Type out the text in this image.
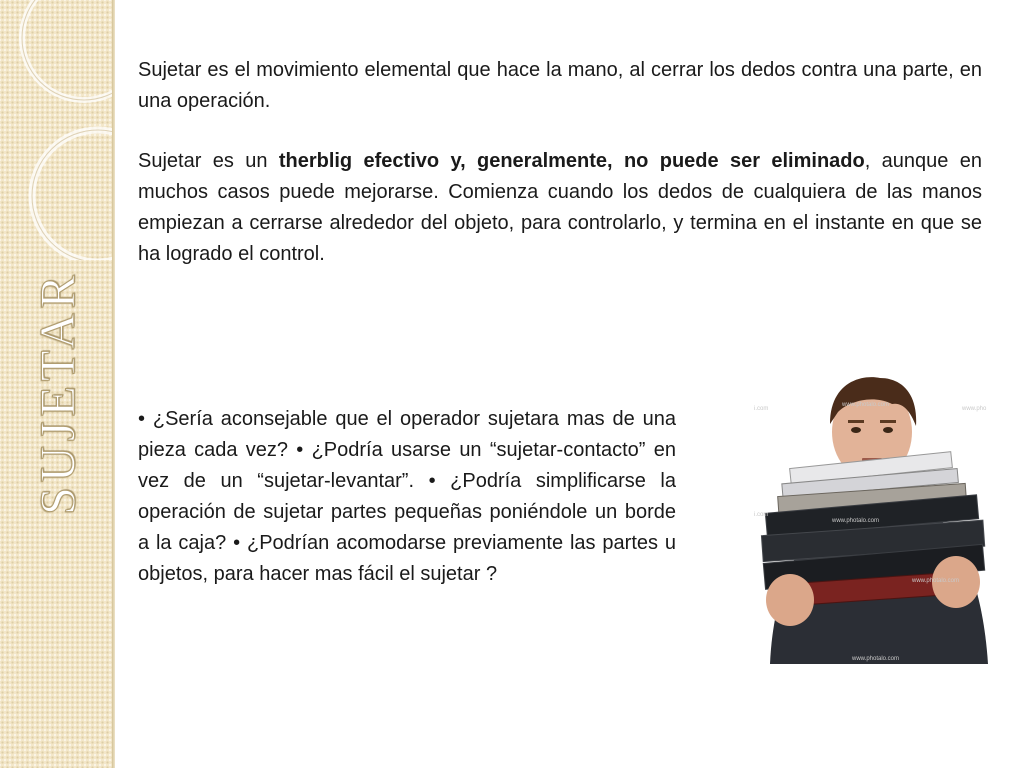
SUJETAR

Sujetar es el movimiento elemental que hace la mano, al cerrar los dedos contra una parte, en una operación.

Sujetar es un therblig efectivo y, generalmente, no puede ser eliminado, aunque en muchos casos puede mejorarse. Comienza cuando los dedos de cualquiera de las manos empiezan a cerrarse alrededor del objeto, para controlarlo, y termina en el instante en que se ha logrado el control.

• ¿Sería aconsejable que el operador sujetara mas de una pieza cada vez? • ¿Podría usarse un “sujetar-contacto” en vez de un “sujetar-levantar”. • ¿Podría simplificarse la operación de sujetar partes pequeñas poniéndole un borde a la caja? • ¿Podrían acomodarse previamente las partes u objetos, para hacer mas fácil el sujetar ?

i.com	www.pho
www.photalo.com
www.photalo.com
i.com
www.photalo.com
www.photalo.com
